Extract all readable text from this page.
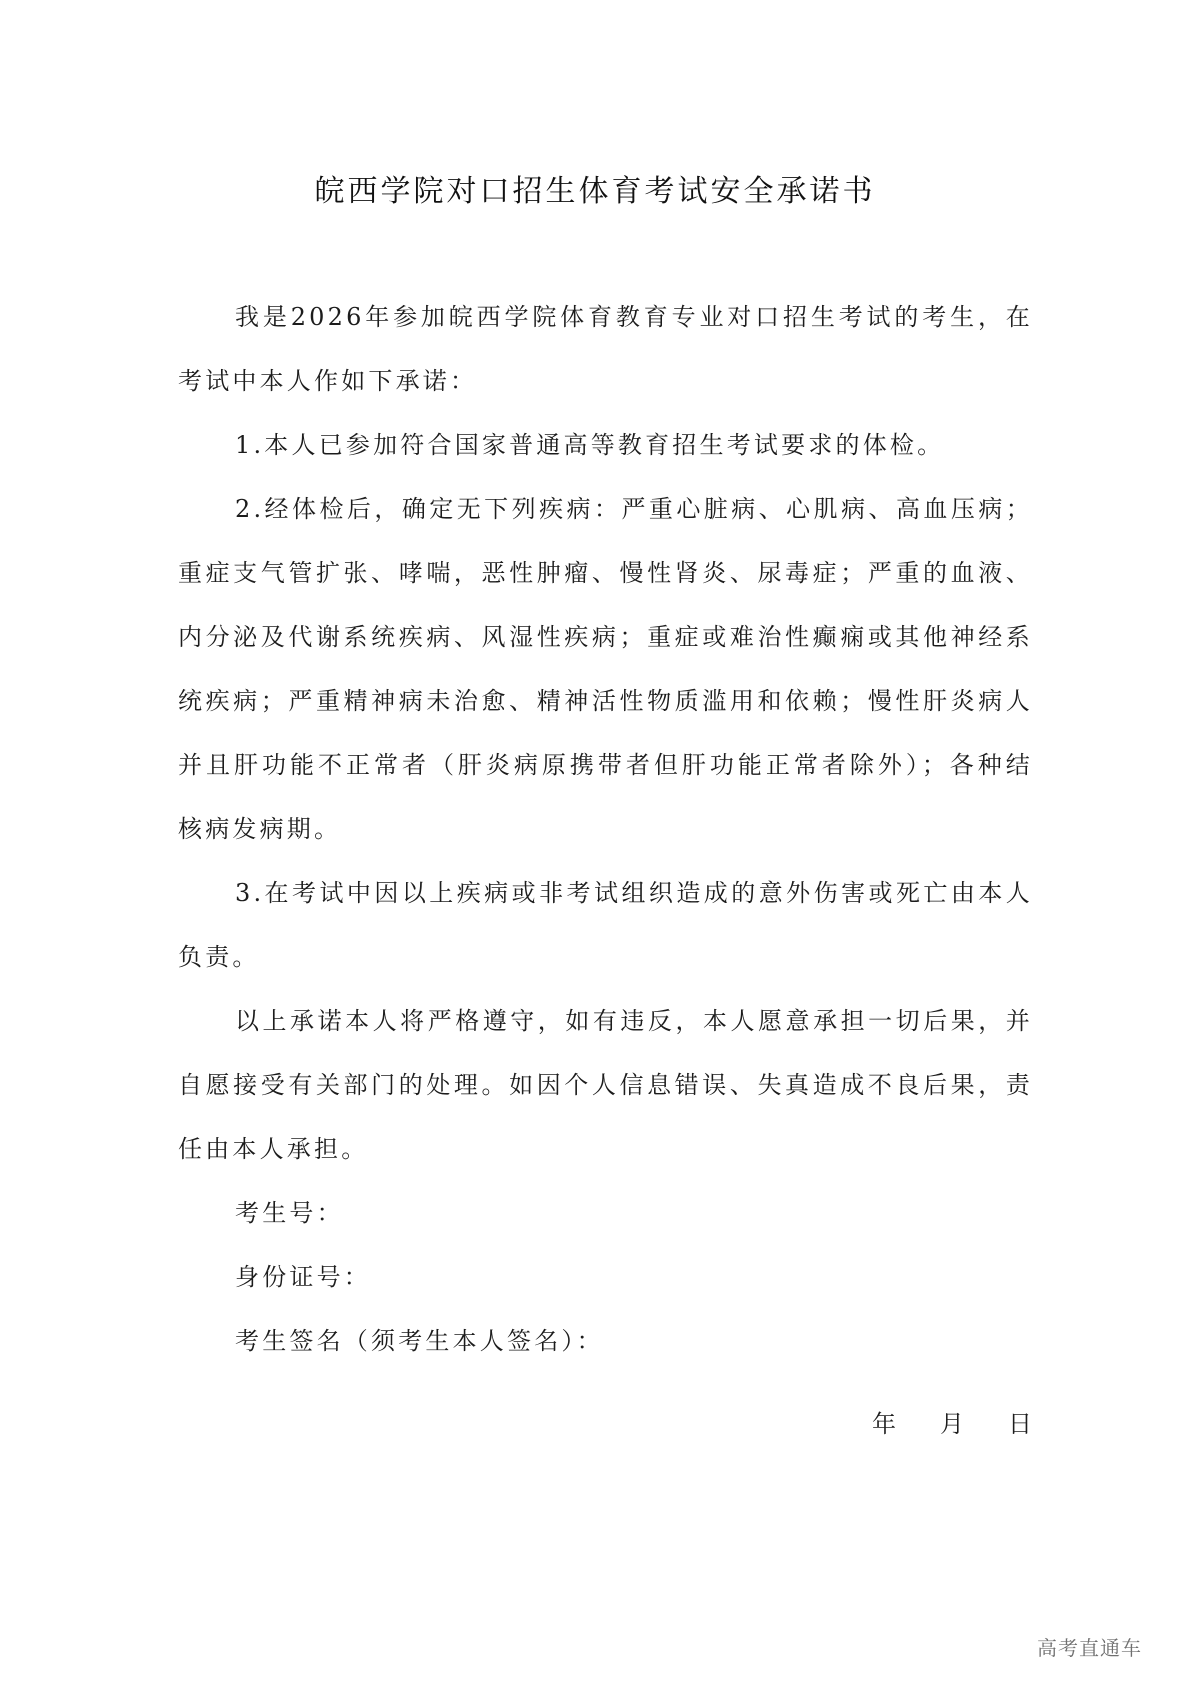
皖西学院对口招生体育考试安全承诺书

我是2026年参加皖西学院体育教育专业对口招生考试的考生，在考试中本人作如下承诺：

1.本人已参加符合国家普通高等教育招生考试要求的体检。

2.经体检后，确定无下列疾病：严重心脏病、心肌病、高血压病；重症支气管扩张、哮喘，恶性肿瘤、慢性肾炎、尿毒症；严重的血液、内分泌及代谢系统疾病、风湿性疾病；重症或难治性癫痫或其他神经系统疾病；严重精神病未治愈、精神活性物质滥用和依赖；慢性肝炎病人并且肝功能不正常者（肝炎病原携带者但肝功能正常者除外）；各种结核病发病期。

3.在考试中因以上疾病或非考试组织造成的意外伤害或死亡由本人负责。

以上承诺本人将严格遵守，如有违反，本人愿意承担一切后果，并自愿接受有关部门的处理。如因个人信息错误、失真造成不良后果，责任由本人承担。

考生号：

身份证号：

考生签名（须考生本人签名）：

年 月 日
高考直通车
